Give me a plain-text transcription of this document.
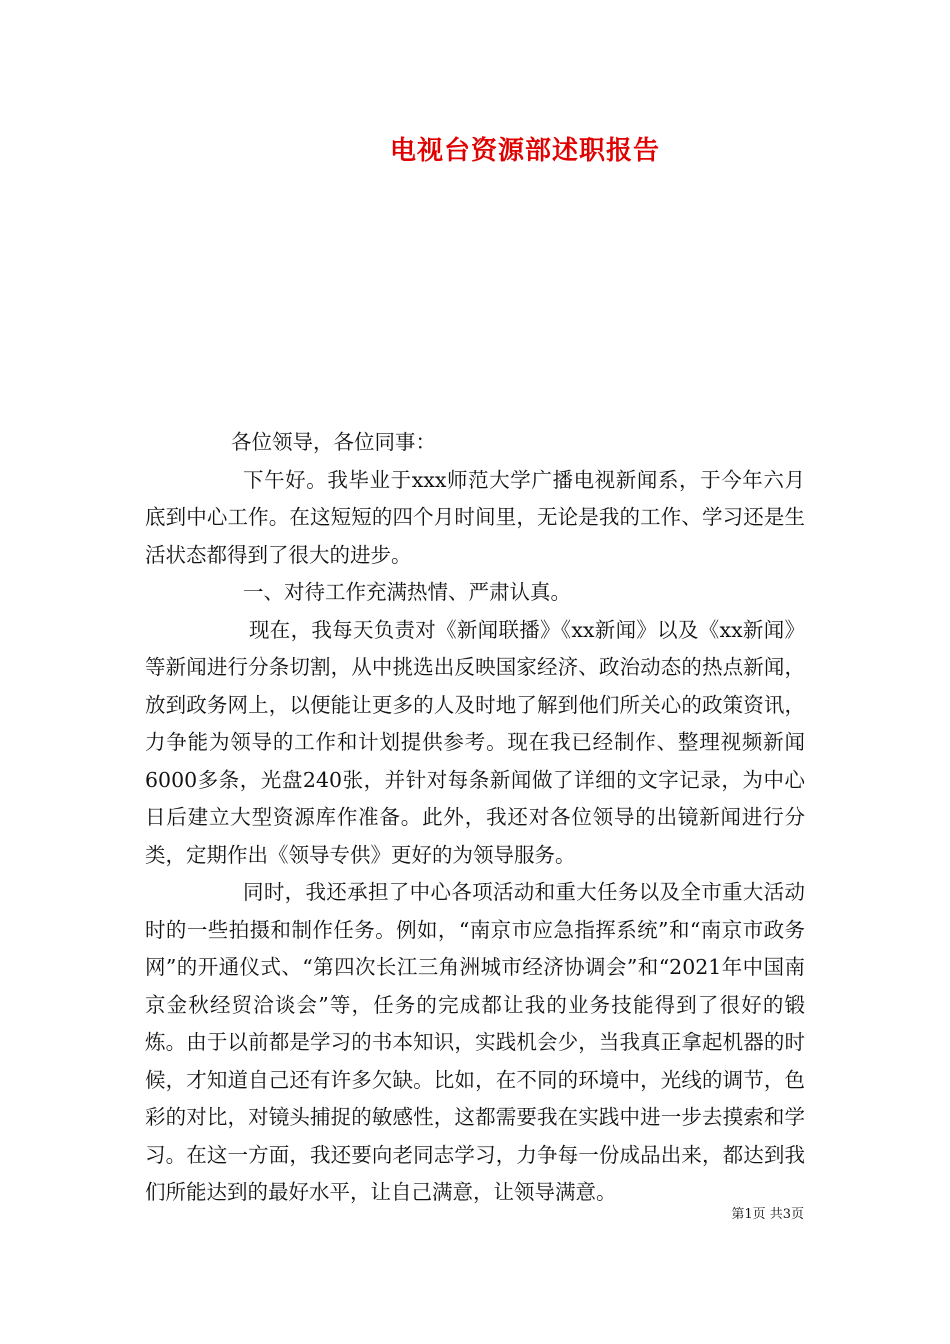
电视台资源部述职报告

各位领导，各位同事：

下午好。我毕业于xxx师范大学广播电视新闻系，于今年六月底到中心工作。在这短短的四个月时间里，无论是我的工作、学习还是生活状态都得到了很大的进步。

一、对待工作充满热情、严肃认真。

现在，我每天负责对《新闻联播》《xx新闻》以及《xx新闻》等新闻进行分条切割，从中挑选出反映国家经济、政治动态的热点新闻，放到政务网上，以便能让更多的人及时地了解到他们所关心的政策资讯，力争能为领导的工作和计划提供参考。现在我已经制作、整理视频新闻6000多条，光盘240张，并针对每条新闻做了详细的文字记录，为中心日后建立大型资源库作准备。此外，我还对各位领导的出镜新闻进行分类，定期作出《领导专供》更好的为领导服务。

同时，我还承担了中心各项活动和重大任务以及全市重大活动时的一些拍摄和制作任务。例如，“南京市应急指挥系统”和“南京市政务网”的开通仪式、“第四次长江三角洲城市经济协调会”和“2021年中国南京金秋经贸洽谈会”等，任务的完成都让我的业务技能得到了很好的锻炼。由于以前都是学习的书本知识，实践机会少，当我真正拿起机器的时候，才知道自己还有许多欠缺。比如，在不同的环境中，光线的调节，色彩的对比，对镜头捕捉的敏感性，这都需要我在实践中进一步去摸索和学习。在这一方面，我还要向老同志学习，力争每一份成品出来，都达到我们所能达到的最好水平，让自己满意，让领导满意。

第1页 共3页
